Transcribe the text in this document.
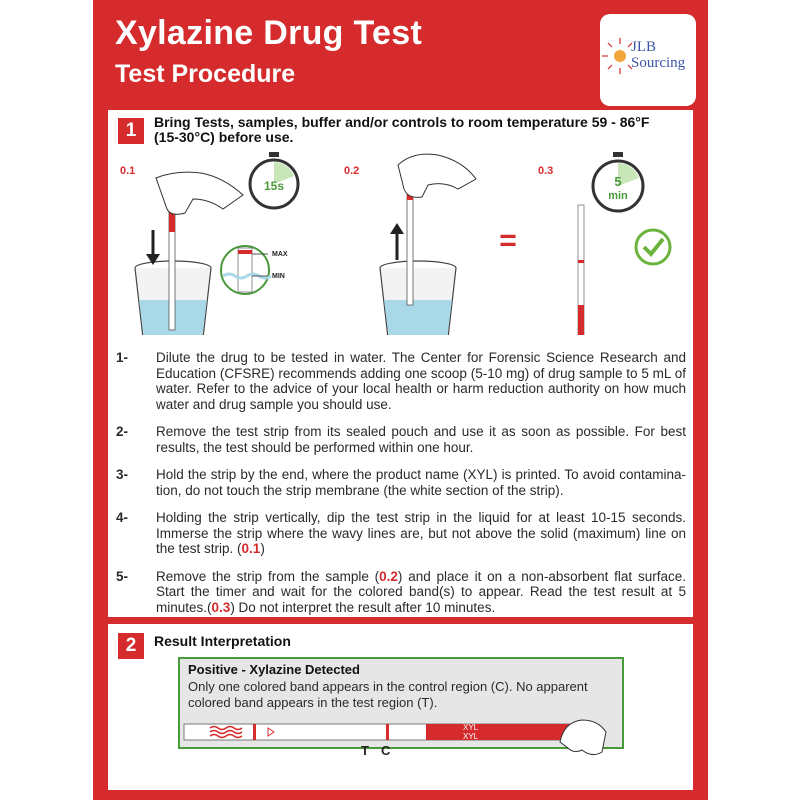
Xylazine Drug Test
Test Procedure
JLB
Sourcing
1	Bring Tests, samples, buffer and/or controls to room temperature 59 - 86°F (15-30°C) before use.
0.1	0.2	0.3
15s
MAX
MIN
=
5
min
1- Dilute the drug to be tested in water. The Center for Forensic Science Research and Education (CFSRE) recommends adding one scoop (5-10 mg) of drug sample to 5 mL of water. Refer to the advice of your local health or harm reduction authority on how much water and drug sample you should use.
2- Remove the test strip from its sealed pouch and use it as soon as possible. For best results, the test should be performed within one hour.
3- Hold the strip by the end, where the product name (XYL) is printed. To avoid contamina- tion, do not touch the strip membrane (the white section of the strip).
4- Holding the strip vertically, dip the test strip in the liquid for at least 10-15 seconds. Immerse the strip where the wavy lines are, but not above the solid (maximum) line on the test strip. (0.1)
5- Remove the strip from the sample (0.2) and place it on a non-absorbent flat surface. Start the timer and wait for the colored band(s) to appear. Read the test result at 5 minutes.(0.3) Do not interpret the result after 10 minutes.
2	Result Interpretation
Positive - Xylazine Detected
Only one colored band appears in the control region (C). No apparent colored band appears in the test region (T).
XYL
XYL
T C
